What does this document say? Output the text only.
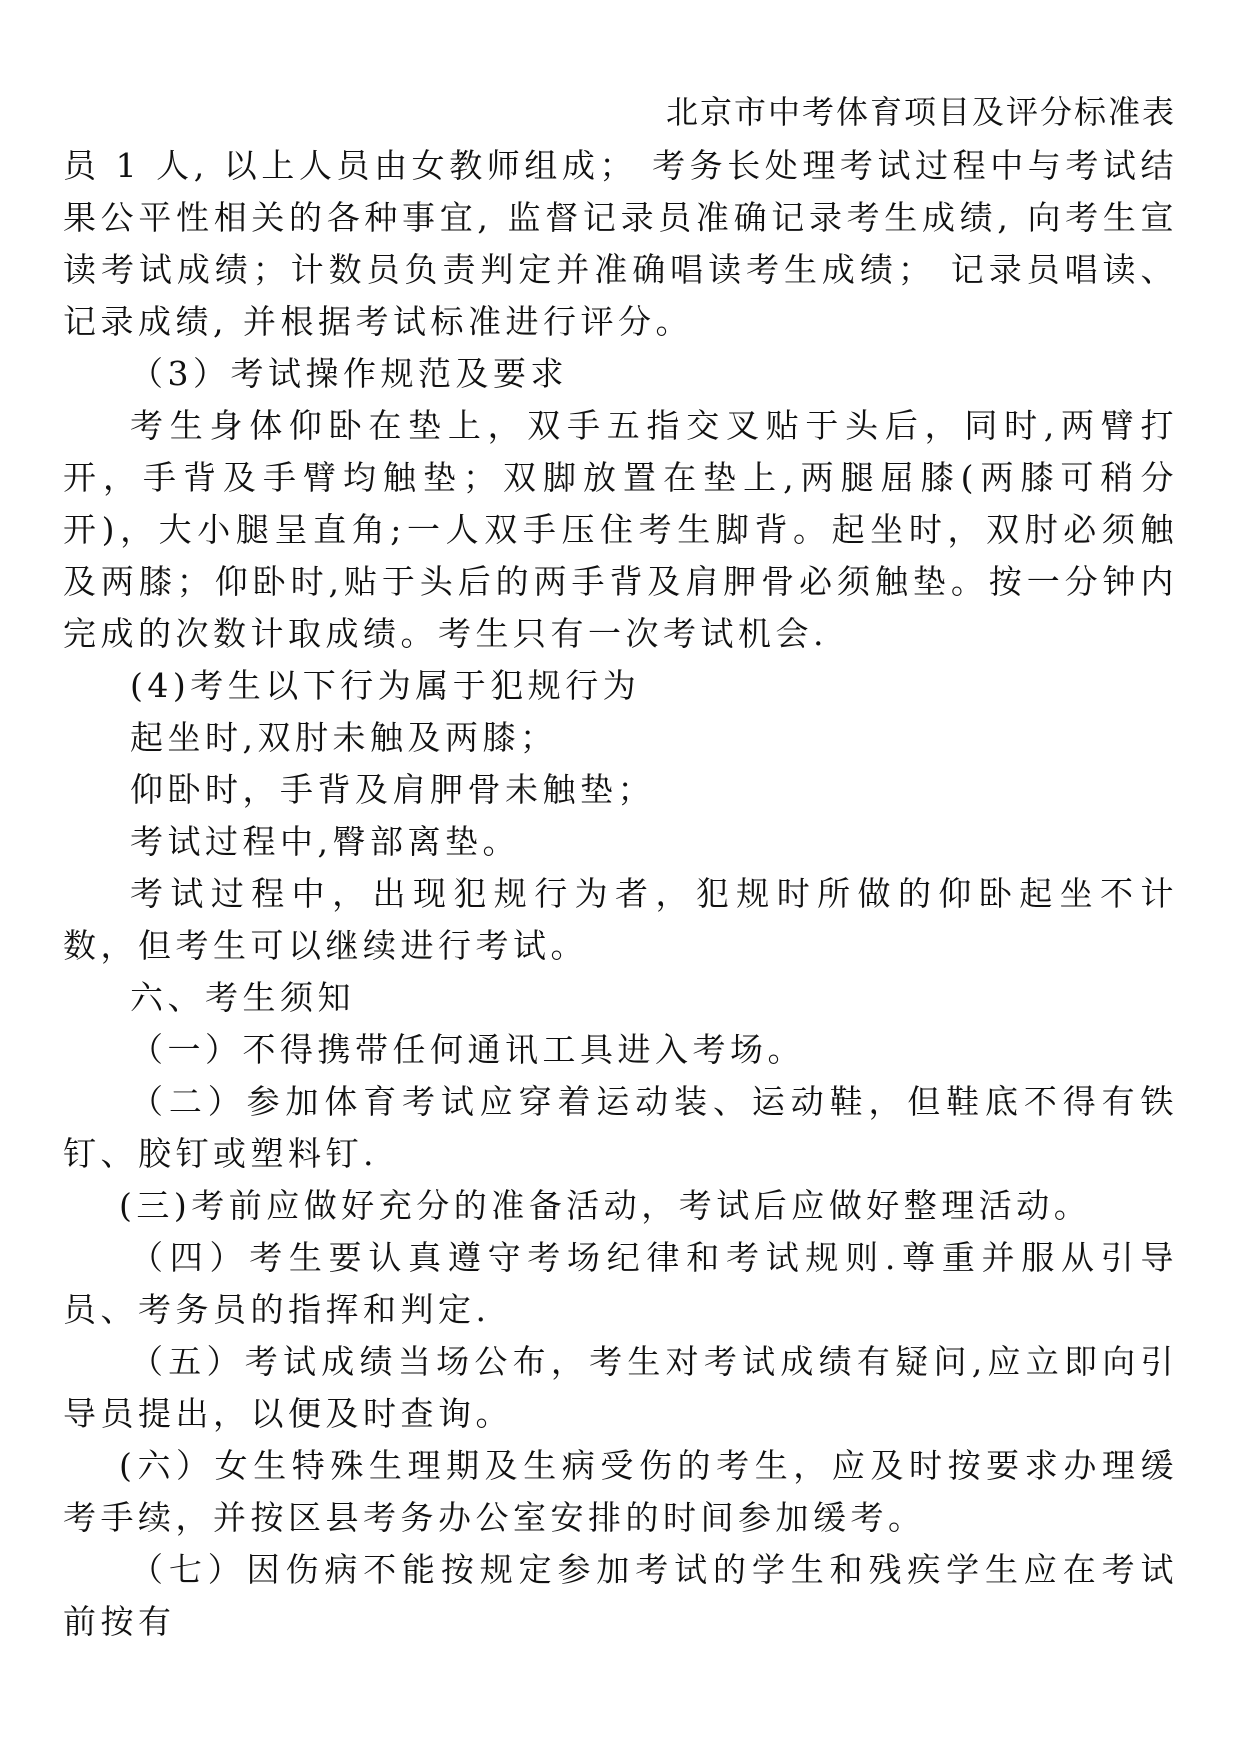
北京市中考体育项目及评分标准表

员 1 人, 以上人员由女教师组成； 考务长处理考试过程中与考试结果公平性相关的各种事宜, 监督记录员准确记录考生成绩, 向考生宣读考试成绩；计数员负责判定并准确唱读考生成绩； 记录员唱读、记录成绩, 并根据考试标准进行评分。

（3）考试操作规范及要求

考生身体仰卧在垫上，双手五指交叉贴于头后，同时,两臂打开，手背及手臂均触垫；双脚放置在垫上,两腿屈膝(两膝可稍分开)，大小腿呈直角;一人双手压住考生脚背。起坐时，双肘必须触及两膝；仰卧时,贴于头后的两手背及肩胛骨必须触垫。按一分钟内完成的次数计取成绩。考生只有一次考试机会.

(4)考生以下行为属于犯规行为

起坐时,双肘未触及两膝；

仰卧时，手背及肩胛骨未触垫；

考试过程中,臀部离垫。

考试过程中，出现犯规行为者，犯规时所做的仰卧起坐不计数，但考生可以继续进行考试。

六、考生须知

（一）不得携带任何通讯工具进入考场。

（二）参加体育考试应穿着运动装、运动鞋，但鞋底不得有铁钉、胶钉或塑料钉.

(三)考前应做好充分的准备活动，考试后应做好整理活动。

（四）考生要认真遵守考场纪律和考试规则.尊重并服从引导员、考务员的指挥和判定.

（五）考试成绩当场公布，考生对考试成绩有疑问,应立即向引导员提出，以便及时查询。

(六）女生特殊生理期及生病受伤的考生，应及时按要求办理缓考手续，并按区县考务办公室安排的时间参加缓考。

（七）因伤病不能按规定参加考试的学生和残疾学生应在考试前按有
